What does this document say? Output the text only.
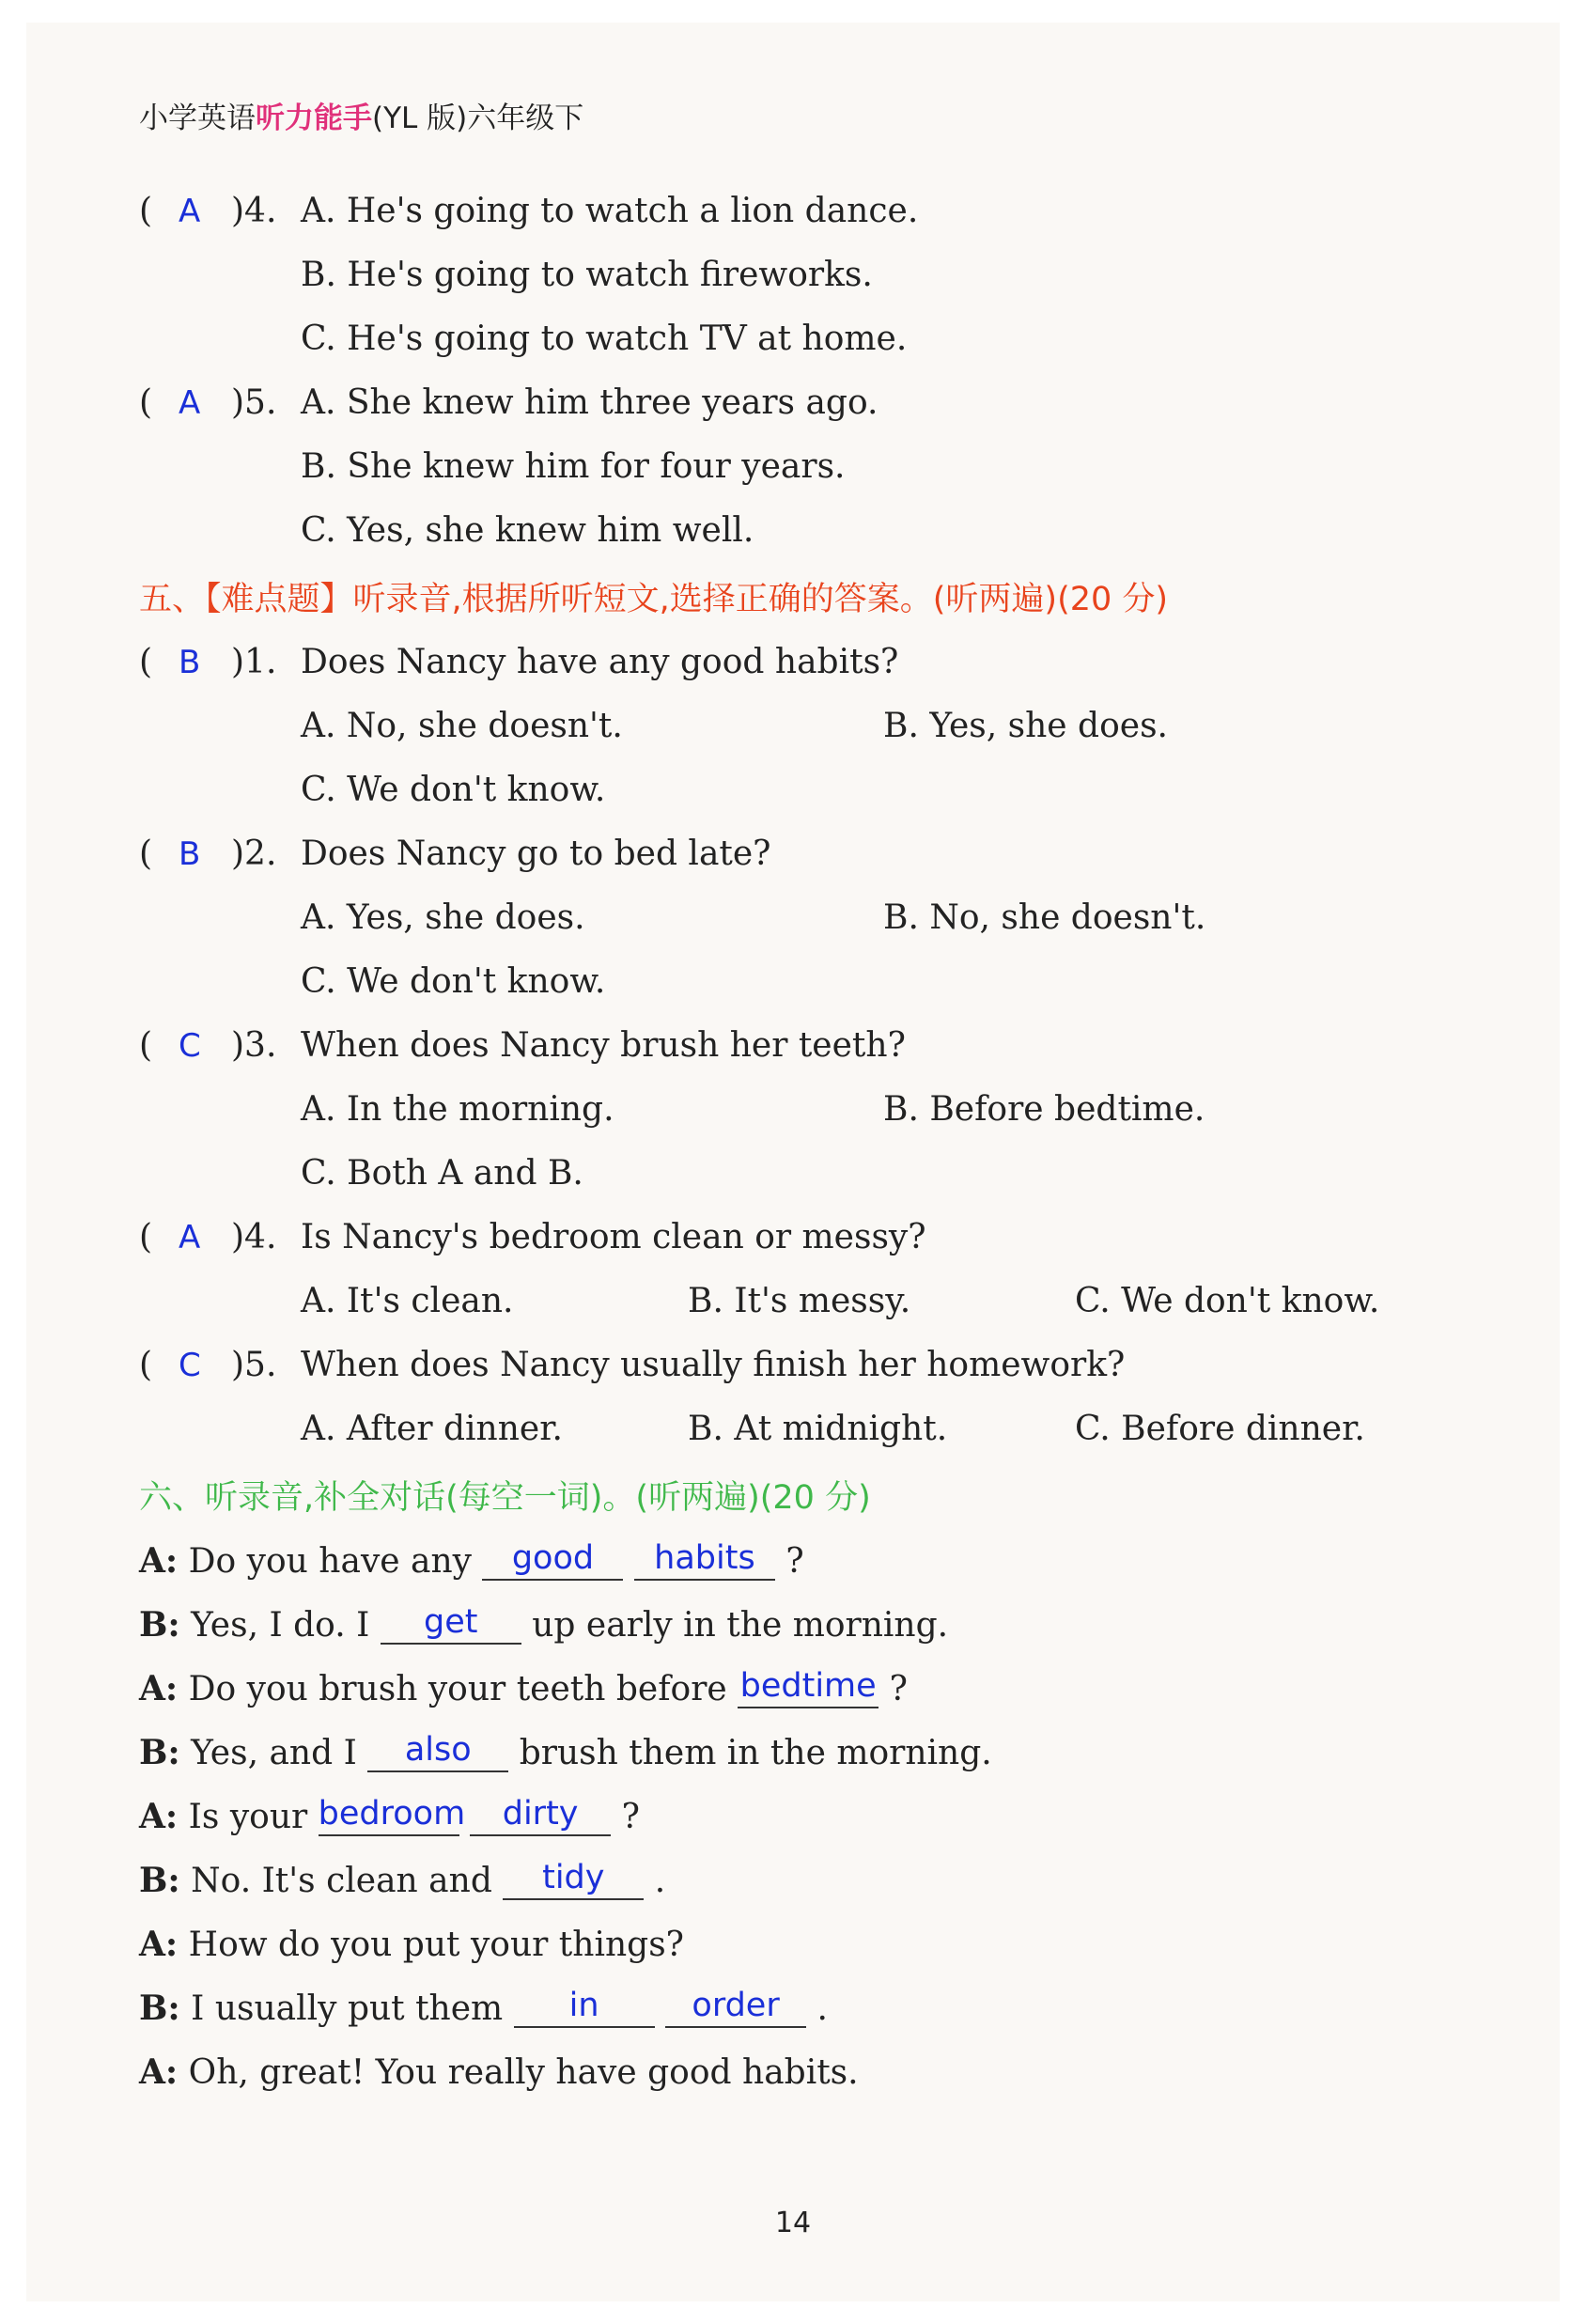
小学英语听力能手(YL 版)六年级下
( A )4. A. He's going to watch a lion dance.
B. He's going to watch fireworks.
C. He's going to watch TV at home.
( A )5. A. She knew him three years ago.
B. She knew him for four years.
C. Yes, she knew him well.
五、【难点题】听录音,根据所听短文,选择正确的答案。(听两遍)(20 分)
( B )1. Does Nancy have any good habits?
A. No, she doesn't.	B. Yes, she does.
C. We don't know.
( B )2. Does Nancy go to bed late?
A. Yes, she does.	B. No, she doesn't.
C. We don't know.
( C )3. When does Nancy brush her teeth?
A. In the morning.	B. Before bedtime.
C. Both A and B.
( A )4. Is Nancy's bedroom clean or messy?
A. It's clean.	B. It's messy.	C. We don't know.
( C )5. When does Nancy usually finish her homework?
A. After dinner.	B. At midnight.	C. Before dinner.
六、听录音,补全对话(每空一词)。(听两遍)(20 分)
A: Do you have any good habits ?
B: Yes, I do. I get up early in the morning.
A: Do you brush your teeth before bedtime ?
B: Yes, and I also brush them in the morning.
A: Is your bedroom dirty ?
B: No. It's clean and tidy .
A: How do you put your things?
B: I usually put them in	order .
A: Oh, great! You really have good habits.
14
